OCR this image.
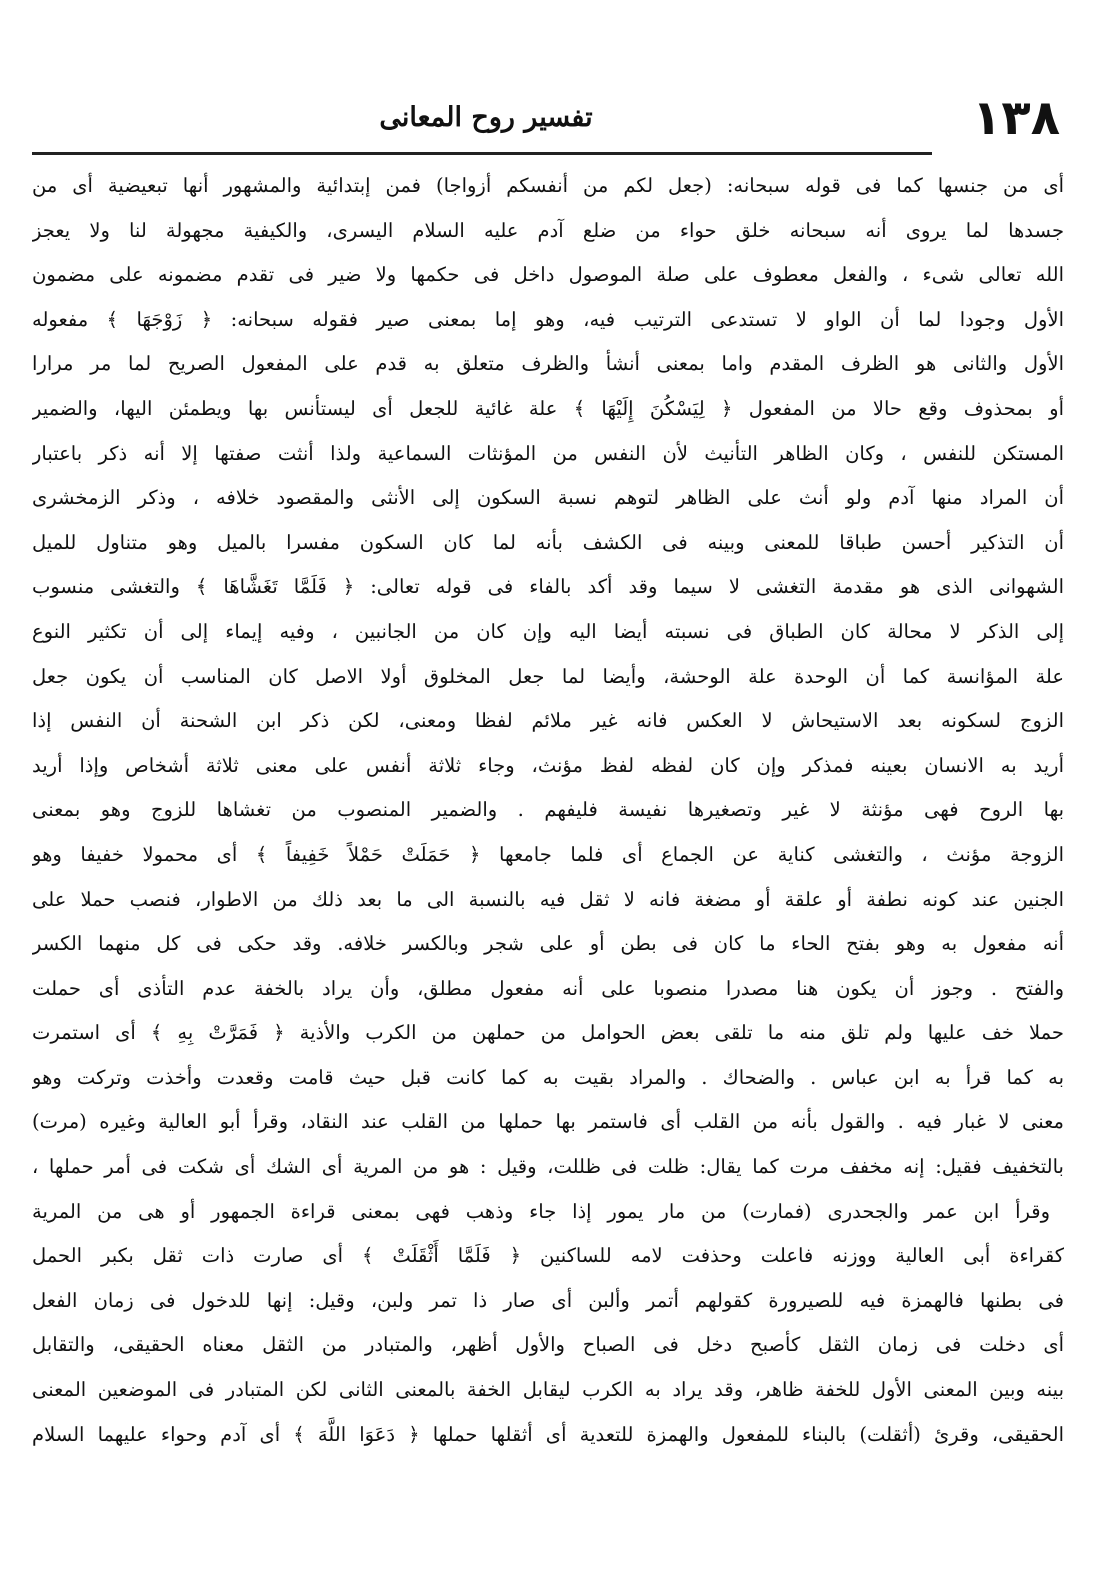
١٣٨
تفسير روح المعانى
أى من جنسها كما فى قوله سبحانه: (جعل لكم من أنفسكم أزواجا) فمن إبتدائية والمشهور أنها تبعيضية أى من
جسدها لما يروى أنه سبحانه خلق حواء من ضلع آدم عليه السلام اليسرى، والكيفية مجهولة لنا ولا يعجز
الله تعالى شىء ، والفعل معطوف على صلة الموصول داخل فى حكمها ولا ضير فى تقدم مضمونه على مضمون
الأول وجودا لما أن الواو لا تستدعى الترتيب فيه، وهو إما بمعنى صير فقوله سبحانه: ﴿ زَوْجَهَا ﴾ مفعوله
الأول والثانى هو الظرف المقدم واما بمعنى أنشأ والظرف متعلق به قدم على المفعول الصريح لما مر مرارا
أو بمحذوف وقع حالا من المفعول ﴿ لِيَسْكُنَ إِلَيْهَا ﴾ علة غائية للجعل أى ليستأنس بها ويطمئن اليها، والضمير
المستكن للنفس ، وكان الظاهر التأنيث لأن النفس من المؤنثات السماعية ولذا أنثت صفتها إلا أنه ذكر باعتبار
أن المراد منها آدم ولو أنث على الظاهر لتوهم نسبة السكون إلى الأنثى والمقصود خلافه ، وذكر الزمخشرى
أن التذكير أحسن طباقا للمعنى وبينه فى الكشف بأنه لما كان السكون مفسرا بالميل وهو متناول للميل
الشهوانى الذى هو مقدمة التغشى لا سيما وقد أكد بالفاء فى قوله تعالى: ﴿ فَلَمَّا تَغَشَّاهَا ﴾ والتغشى منسوب
إلى الذكر لا محالة كان الطباق فى نسبته أيضا اليه وإن كان من الجانبين ، وفيه إيماء إلى أن تكثير النوع
علة المؤانسة كما أن الوحدة علة الوحشة، وأيضا لما جعل المخلوق أولا الاصل كان المناسب أن يكون جعل
الزوج لسكونه بعد الاستيحاش لا العكس فانه غير ملائم لفظا ومعنى، لكن ذكر ابن الشحنة أن النفس إذا
أريد به الانسان بعينه فمذكر وإن كان لفظه لفظ مؤنث، وجاء ثلاثة أنفس على معنى ثلاثة أشخاص وإذا أريد
بها الروح فهى مؤنثة لا غير وتصغيرها نفيسة فليفهم . والضمير المنصوب من تغشاها للزوج وهو بمعنى
الزوجة مؤنث ، والتغشى كناية عن الجماع أى فلما جامعها ﴿ حَمَلَتْ حَمْلاً خَفِيفاً ﴾ أى محمولا خفيفا وهو
الجنين عند كونه نطفة أو علقة أو مضغة فانه لا ثقل فيه بالنسبة الى ما بعد ذلك من الاطوار، فنصب حملا على
أنه مفعول به وهو بفتح الحاء ما كان فى بطن أو على شجر وبالكسر خلافه. وقد حكى فى كل منهما الكسر
والفتح . وجوز أن يكون هنا مصدرا منصوبا على أنه مفعول مطلق، وأن يراد بالخفة عدم التأذى أى حملت
حملا خف عليها ولم تلق منه ما تلقى بعض الحوامل من حملهن من الكرب والأذية ﴿ فَمَرَّتْ بِهِ ﴾ أى استمرت
به كما قرأ به ابن عباس . والضحاك . والمراد بقيت به كما كانت قبل حيث قامت وقعدت وأخذت وتركت وهو
معنى لا غبار فيه . والقول بأنه من القلب أى فاستمر بها حملها من القلب عند النقاد، وقرأ أبو العالية وغيره (مرت)
بالتخفيف فقيل: إنه مخفف مرت كما يقال: ظلت فى ظللت، وقيل : هو من المرية أى الشك أى شكت فى أمر حملها ،
وقرأ ابن عمر والجحدرى (فمارت) من مار يمور إذا جاء وذهب فهى بمعنى قراءة الجمهور أو هى من المرية
كقراءة أبى العالية ووزنه فاعلت وحذفت لامه للساكنين ﴿ فَلَمَّا أَثْقَلَتْ ﴾ أى صارت ذات ثقل بكبر الحمل
فى بطنها فالهمزة فيه للصيرورة كقولهم أتمر وألبن أى صار ذا تمر ولبن، وقيل: إنها للدخول فى زمان الفعل
أى دخلت فى زمان الثقل كأصبح دخل فى الصباح والأول أظهر، والمتبادر من الثقل معناه الحقيقى، والتقابل
بينه وبين المعنى الأول للخفة ظاهر، وقد يراد به الكرب ليقابل الخفة بالمعنى الثانى لكن المتبادر فى الموضعين المعنى
الحقيقى، وقرئ (أثقلت) بالبناء للمفعول والهمزة للتعدية أى أثقلها حملها ﴿ دَعَوَا اللَّهَ ﴾ أى آدم وحواء عليهما السلام
